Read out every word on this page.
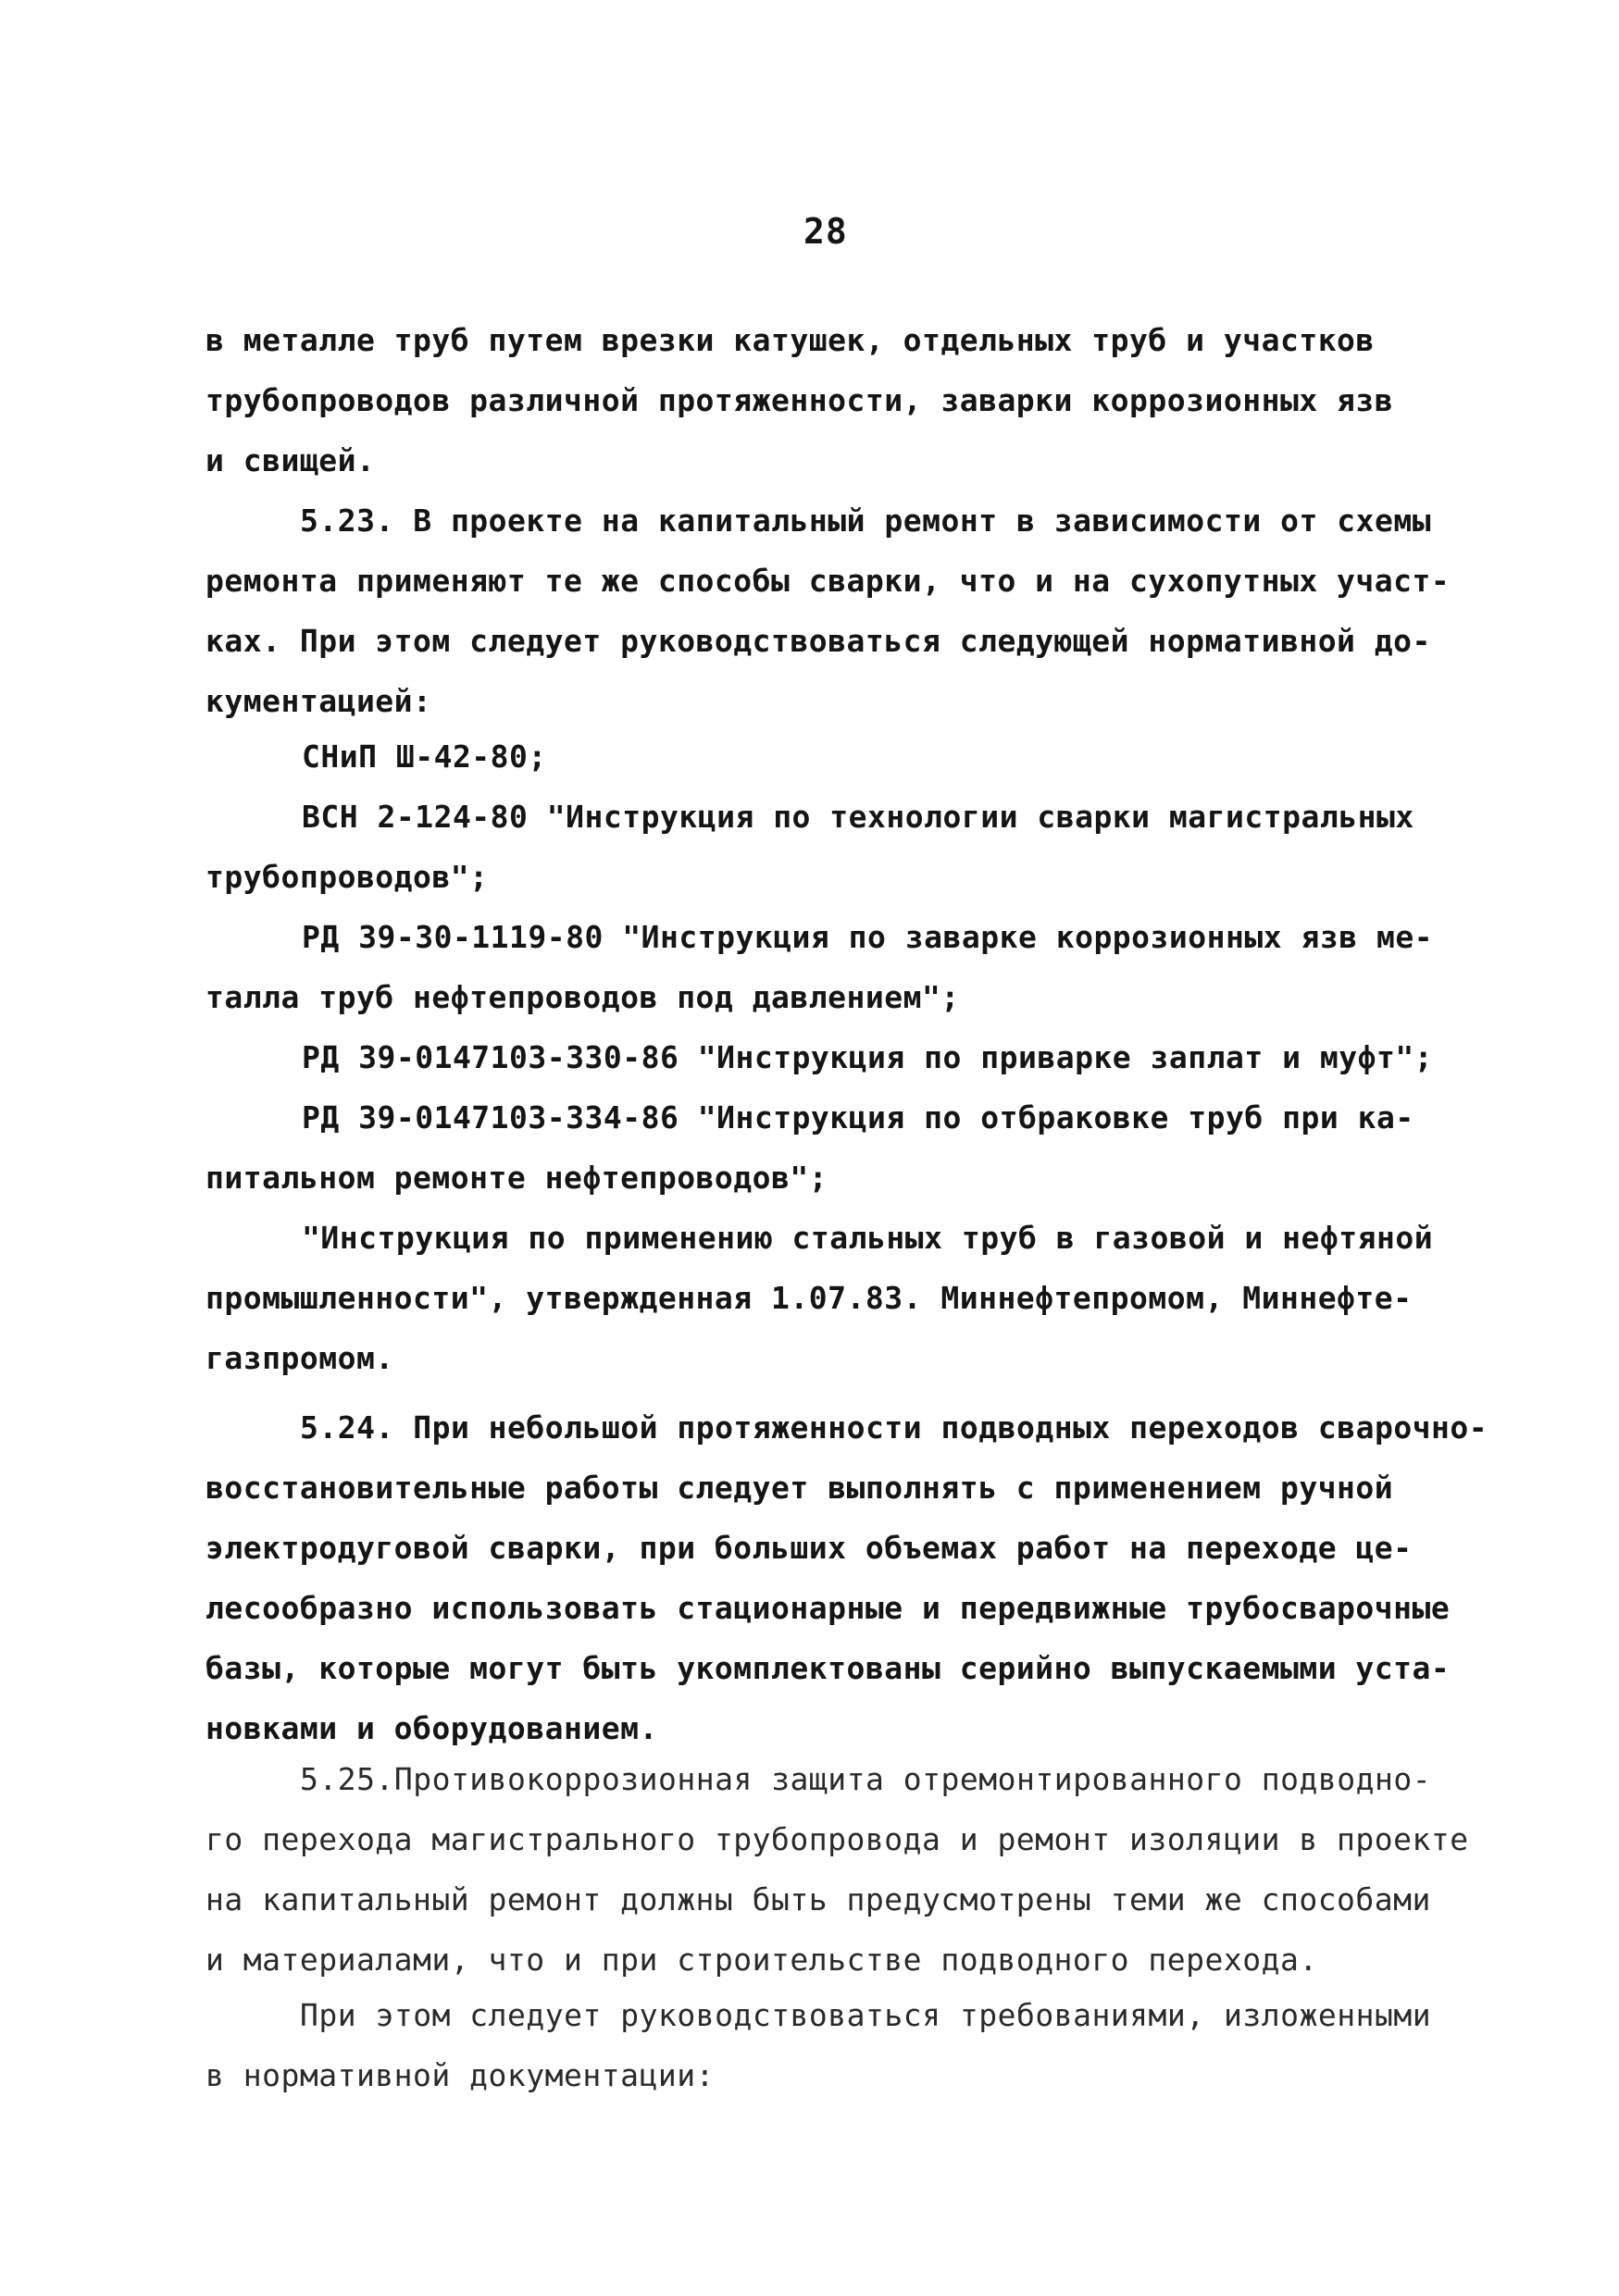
28
в металле труб путем врезки катушек, отдельных труб и участков
трубопроводов различной протяженности, заварки коррозионных язв
и свищей.
5.23. В проекте на капитальный ремонт в зависимости от схемы
ремонта применяют те же способы сварки, что и на сухопутных участ-
ках. При этом следует руководствоваться следующей нормативной до-
кументацией:
СНиП Ш-42-80;
ВСН 2-124-80 "Инструкция по технологии сварки магистральных
трубопроводов";
РД 39-30-1119-80 "Инструкция по заварке коррозионных язв ме-
талла труб нефтепроводов под давлением";
РД 39-0147103-330-86 "Инструкция по приварке заплат и муфт";
РД 39-0147103-334-86 "Инструкция по отбраковке труб при ка-
питальном ремонте нефтепроводов";
"Инструкция по применению стальных труб в газовой и нефтяной
промышленности", утвержденная 1.07.83. Миннефтепромом, Миннефте-
газпромом.
5.24. При небольшой протяженности подводных переходов сварочно-
восстановительные работы следует выполнять с применением ручной
электродуговой сварки, при больших объемах работ на переходе це-
лесообразно использовать стационарные и передвижные трубосварочные
базы, которые могут быть укомплектованы серийно выпускаемыми уста-
новками и оборудованием.
5.25.Противокоррозионная защита отремонтированного подводно-
го перехода магистрального трубопровода и ремонт изоляции в проекте
на капитальный ремонт должны быть предусмотрены теми же способами
и материалами, что и при строительстве подводного перехода.
При этом следует руководствоваться требованиями, изложенными
в нормативной документации:
